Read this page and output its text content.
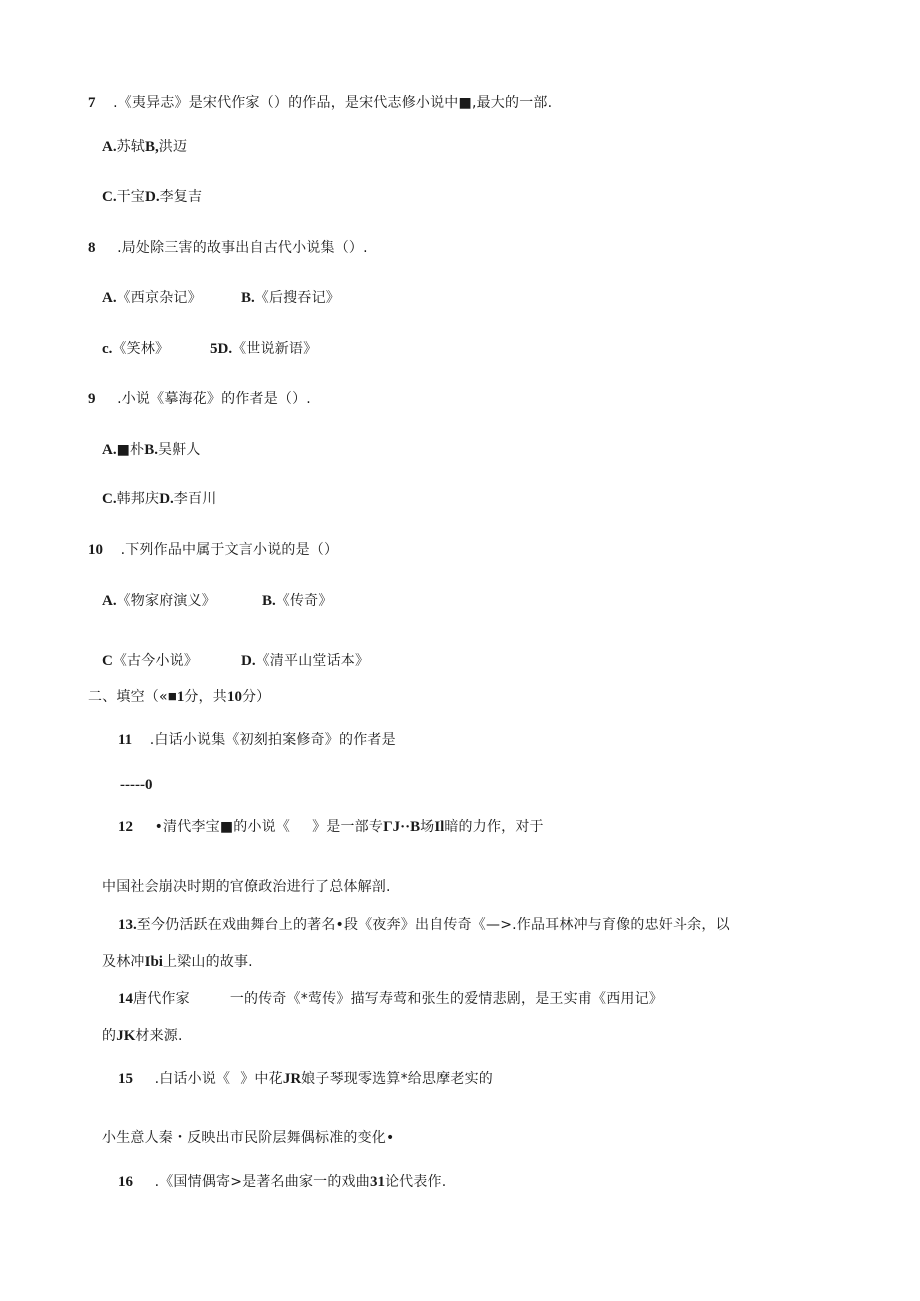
7 .《夷异志》是宋代作家（）的作品，是宋代志修小说中■,最大的一部.
A.苏轼B,洪迈
C.干宝D.李复吉
8 .局处除三害的故事出自古代小说集（）.
A.《西京杂记》	B.《后搜吞记》
c.《笑林》	5D.《世说新语》
9 .小说《摹海花》的作者是（）.
A.■朴B.吴鼾人
C.韩邦庆D.李百川
10 .下列作品中属于文言小说的是（）
A.《物家府演义》	B.《传奇》
C《古今小说》	D.《清平山堂话本》
二、填空（«■1分，共10分）
11 .白话小说集《初刻拍案修奇》的作者是
-----0
12 •清代李宝■的小说《 》是一部专ГJ··B场Il暗的力作，对于
中国社会崩决时期的官僚政治进行了总体解剖.
13.至今仍活跃在戏曲舞台上的著名•段《夜奔》出自传奇《—>.作品耳林冲与育像的忠奸斗余，以
及林冲Ibi上梁山的故事.
14唐代作家	一的传奇《*莺传》描写寿莺和张生的爱情悲剧，是王实甫《西用记》
的JK材来源.
15 .白话小说《 》中花JR娘子琴现零选算*给思摩老实的
小生意人秦・反映出市民阶层舞偶标准的变化•
16 .《国情偶寄>是著名曲家一的戏曲31论代表作.
